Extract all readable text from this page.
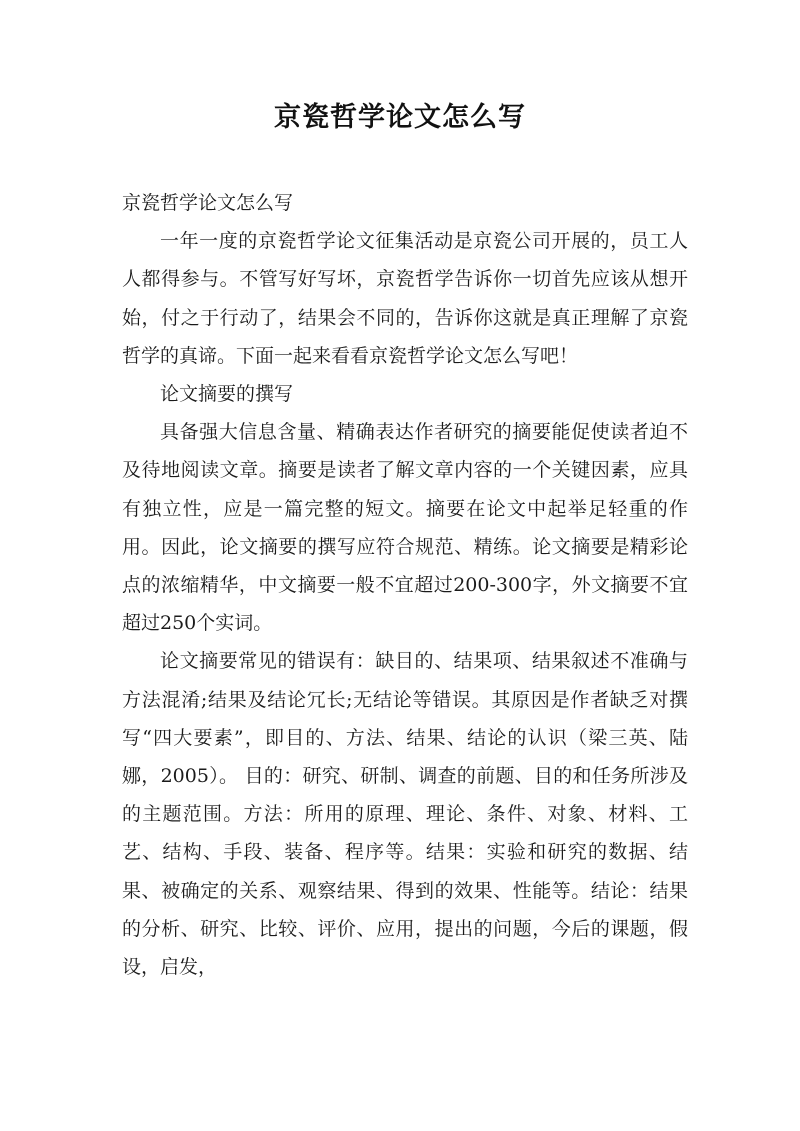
京瓷哲学论文怎么写

京瓷哲学论文怎么写

一年一度的京瓷哲学论文征集活动是京瓷公司开展的，员工人人都得参与。不管写好写坏，京瓷哲学告诉你一切首先应该从想开始，付之于行动了，结果会不同的，告诉你这就是真正理解了京瓷哲学的真谛。下面一起来看看京瓷哲学论文怎么写吧！

论文摘要的撰写

具备强大信息含量、精确表达作者研究的摘要能促使读者迫不及待地阅读文章。摘要是读者了解文章内容的一个关键因素，应具有独立性，应是一篇完整的短文。摘要在论文中起举足轻重的作用。因此，论文摘要的撰写应符合规范、精练。论文摘要是精彩论点的浓缩精华，中文摘要一般不宜超过200-300字，外文摘要不宜超过250个实词。

论文摘要常见的错误有：缺目的、结果项、结果叙述不准确与方法混淆;结果及结论冗长;无结论等错误。其原因是作者缺乏对撰写“四大要素”，即目的、方法、结果、结论的认识（梁三英、陆娜，2005）。 目的：研究、研制、调查的前题、目的和任务所涉及的主题范围。方法：所用的原理、理论、条件、对象、材料、工艺、结构、手段、装备、程序等。结果：实验和研究的数据、结果、被确定的关系、观察结果、得到的效果、性能等。结论：结果的分析、研究、比较、评价、应用，提出的问题，今后的课题，假设，启发，
